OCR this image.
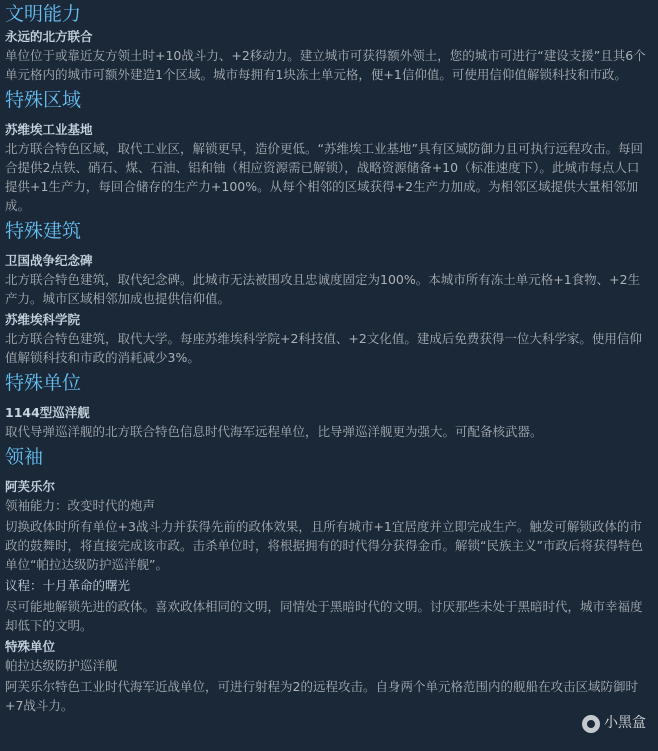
文明能力
永远的北方联合
单位位于或靠近友方领土时+10战斗力、+2移动力。建立城市可获得额外领土，您的城市可进行“建设支援”且其6个单元格内的城市可额外建造1个区域。城市每拥有1块冻土单元格，便+1信仰值。可使用信仰值解锁科技和市政。
特殊区域
苏维埃工业基地
北方联合特色区域，取代工业区，解锁更早，造价更低。“苏维埃工业基地”具有区域防御力且可执行远程攻击。每回合提供2点铁、硝石、煤、石油、铝和铀（相应资源需已解锁），战略资源储备+10（标准速度下）。此城市每点人口提供+1生产力，每回合储存的生产力+100%。从每个相邻的区域获得+2生产力加成。为相邻区域提供大量相邻加成。
特殊建筑
卫国战争纪念碑
北方联合特色建筑，取代纪念碑。此城市无法被围攻且忠诚度固定为100%。本城市所有冻土单元格+1食物、+2生产力。城市区域相邻加成也提供信仰值。
苏维埃科学院
北方联合特色建筑，取代大学。每座苏维埃科学院+2科技值、+2文化值。建成后免费获得一位大科学家。使用信仰值解锁科技和市政的消耗减少3%。
特殊单位
1144型巡洋舰
取代导弹巡洋舰的北方联合特色信息时代海军远程单位，比导弹巡洋舰更为强大。可配备核武器。
领袖
阿芙乐尔
领袖能力：改变时代的炮声
切换政体时所有单位+3战斗力并获得先前的政体效果，且所有城市+1宜居度并立即完成生产。触发可解锁政体的市政的鼓舞时，将直接完成该市政。击杀单位时，将根据拥有的时代得分获得金币。解锁“民族主义”市政后将获得特色单位“帕拉达级防护巡洋舰”。
议程：十月革命的曙光
尽可能地解锁先进的政体。喜欢政体相同的文明，同情处于黑暗时代的文明。讨厌那些未处于黑暗时代，城市幸福度却低下的文明。
特殊单位
帕拉达级防护巡洋舰
阿芙乐尔特色工业时代海军近战单位，可进行射程为2的远程攻击。自身两个单元格范围内的舰船在攻击区域防御时+7战斗力。
小黑盒
